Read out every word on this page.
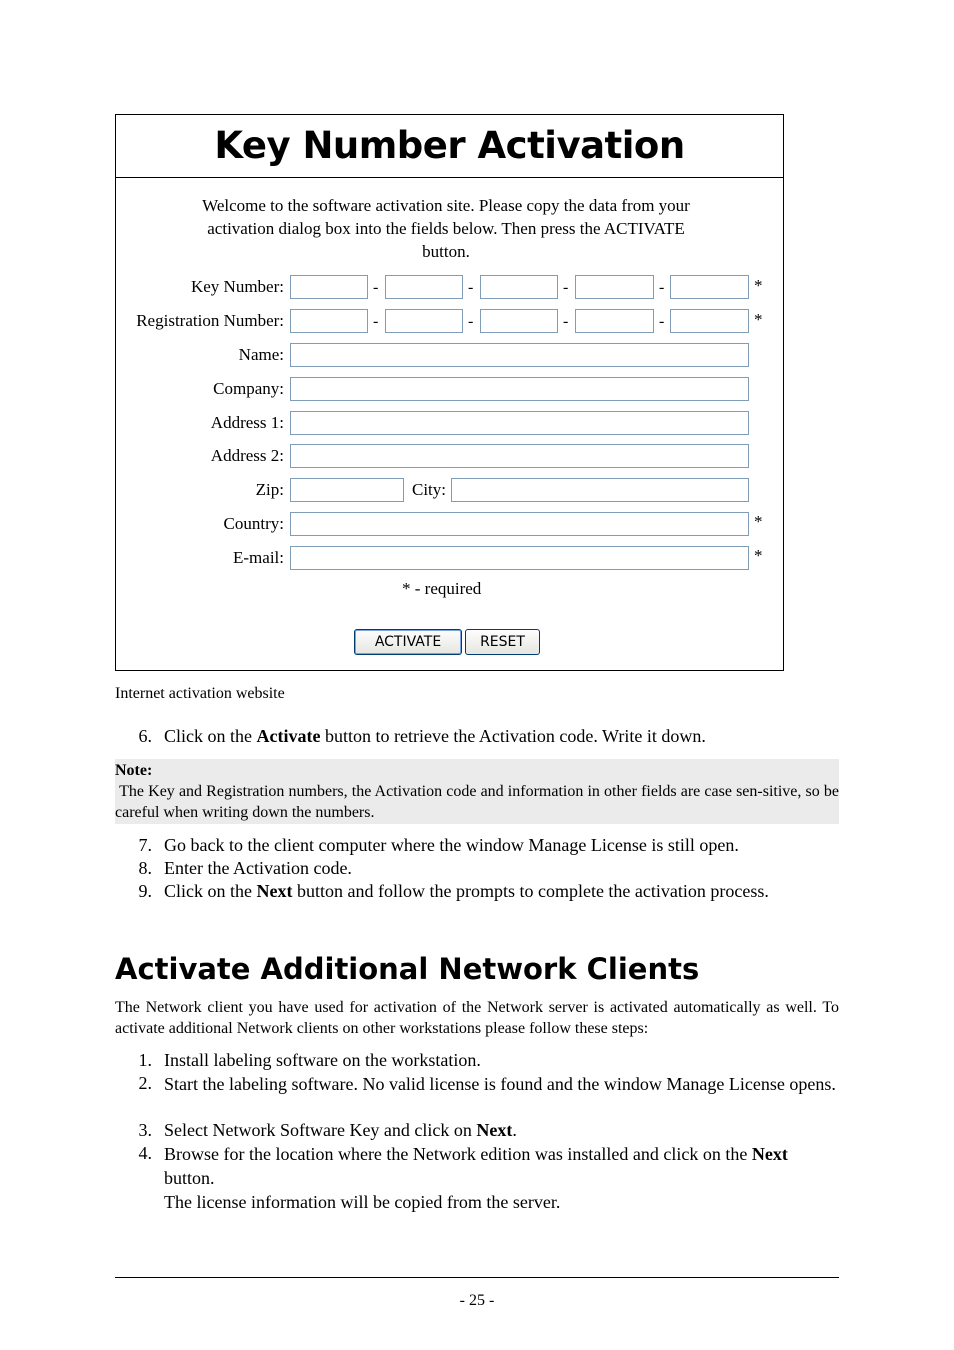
Key Number Activation
Welcome to the software activation site. Please copy the data from your activation dialog box into the fields below. Then press the ACTIVATE button.
Key Number:	-	-	-	-	*
Registration Number:	-	-	-	-	*
Name:
Company:
Address 1:
Address 2:
Zip:	City:
Country:	*
E-mail:	*
* - required
ACTIVATE	RESET
Internet activation website
6. Click on the Activate button to retrieve the Activation code. Write it down.
Note:
The Key and Registration numbers, the Activation code and information in other fields are case sen-sitive, so be careful when writing down the numbers.
7. Go back to the client computer where the window Manage License is still open.
8. Enter the Activation code.
9. Click on the Next button and follow the prompts to complete the activation process.
Activate Additional Network Clients
The Network client you have used for activation of the Network server is activated automatically as well. To activate additional Network clients on other workstations please follow these steps:
1. Install labeling software on the workstation.
2. Start the labeling software. No valid license is found and the window Manage License opens.
3. Select Network Software Key and click on Next.
4. Browse for the location where the Network edition was installed and click on the Next button.
The license information will be copied from the server.
- 25 -
